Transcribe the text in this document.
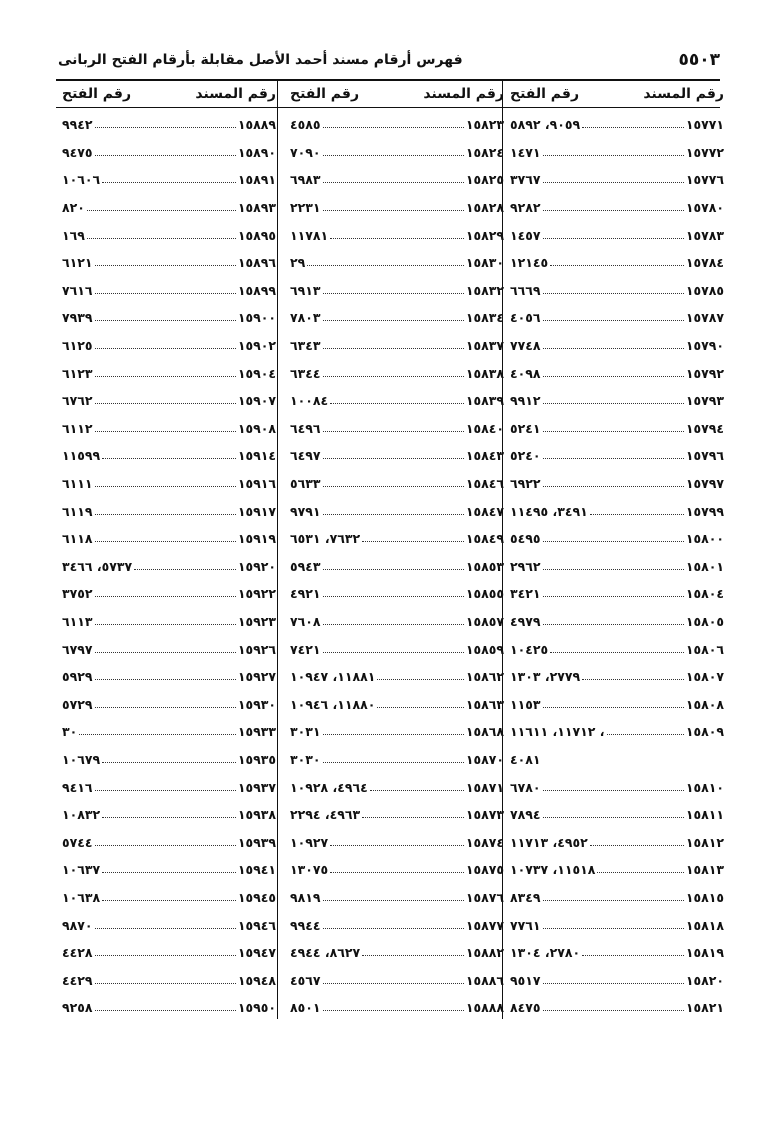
٥٥٠٣
فهرس أرقام مسند أحمد الأصل مقابلة بأرقام الفتح الربانى
رقم المسند
رقم الفتح
١٥٧٧١
٩٠٥٩، ٥٨٩٢
١٥٧٧٢
١٤٧١
١٥٧٧٦
٣٧٦٧
١٥٧٨٠
٩٢٨٢
١٥٧٨٣
١٤٥٧
١٥٧٨٤
١٢١٤٥
١٥٧٨٥
٦٦٦٩
١٥٧٨٧
٤٠٥٦
١٥٧٩٠
٧٧٤٨
١٥٧٩٢
٤٠٩٨
١٥٧٩٣
٩٩١٢
١٥٧٩٤
٥٢٤١
١٥٧٩٦
٥٢٤٠
١٥٧٩٧
٦٩٢٢
١٥٧٩٩
٣٤٩١، ١١٤٩٥
١٥٨٠٠
٥٤٩٥
١٥٨٠١
٢٩٦٢
١٥٨٠٤
٣٤٢١
١٥٨٠٥
٤٩٧٩
١٥٨٠٦
١٠٤٢٥
١٥٨٠٧
٢٧٧٩، ١٣٠٣
١٥٨٠٨
١١٥٣
١٥٨٠٩
، ١١٧١٢، ١١٦١١
٤٠٨١
١٥٨١٠
٦٧٨٠
١٥٨١١
٧٨٩٤
١٥٨١٢
٤٩٥٢، ١١٧١٣
١٥٨١٣
١١٥١٨، ١٠٧٣٧
١٥٨١٥
٨٣٤٩
١٥٨١٨
٧٧٦١
١٥٨١٩
٢٧٨٠، ١٣٠٤
١٥٨٢٠
٩٥١٧
١٥٨٢١
٨٤٧٥
رقم المسند
رقم الفتح
١٥٨٢٣
٤٥٨٥
١٥٨٢٤
٧٠٩٠
١٥٨٢٥
٦٩٨٣
١٥٨٢٨
٢٢٣١
١٥٨٢٩
١١٧٨١
١٥٨٣٠
٢٩
١٥٨٣٢
٦٩١٣
١٥٨٣٤
٧٨٠٣
١٥٨٣٧
٦٣٤٣
١٥٨٣٨
٦٣٤٤
١٥٨٣٩
١٠٠٨٤
١٥٨٤٠
٦٤٩٦
١٥٨٤٣
٦٤٩٧
١٥٨٤٦
٥٦٣٣
١٥٨٤٧
٩٧٩١
١٥٨٤٩
٧٦٣٢، ٦٥٣١
١٥٨٥٣
٥٩٤٣
١٥٨٥٥
٤٩٢١
١٥٨٥٧
٧٦٠٨
١٥٨٥٩
٧٤٢١
١٥٨٦٢
١١٨٨١، ١٠٩٤٧
١٥٨٦٣
١١٨٨٠، ١٠٩٤٦
١٥٨٦٨
٣٠٣١
١٥٨٧٠
٣٠٣٠
١٥٨٧١
٤٩٦٤، ١٠٩٢٨
١٥٨٧٣
٤٩٦٣، ٢٢٩٤
١٥٨٧٤
١٠٩٢٧
١٥٨٧٥
١٣٠٧٥
١٥٨٧٦
٩٨١٩
١٥٨٧٧
٩٩٤٤
١٥٨٨٢
٨٦٢٧، ٤٩٤٤
١٥٨٨٦
٤٥٦٧
١٥٨٨٨
٨٥٠١
رقم المسند
رقم الفتح
١٥٨٨٩
٩٩٤٢
١٥٨٩٠
٩٤٧٥
١٥٨٩١
١٠٦٠٦
١٥٨٩٣
٨٢٠
١٥٨٩٥
١٦٩
١٥٨٩٦
٦١٢١
١٥٨٩٩
٧٦١٦
١٥٩٠٠
٧٩٣٩
١٥٩٠٢
٦١٢٥
١٥٩٠٤
٦١٢٣
١٥٩٠٧
٦٧٦٢
١٥٩٠٨
٦١١٢
١٥٩١٤
١١٥٩٩
١٥٩١٦
٦١١١
١٥٩١٧
٦١١٩
١٥٩١٩
٦١١٨
١٥٩٢٠
٥٧٣٧، ٣٤٦٦
١٥٩٢٢
٣٧٥٢
١٥٩٢٣
٦١١٣
١٥٩٢٦
٦٧٩٧
١٥٩٢٧
٥٩٢٩
١٥٩٣٠
٥٧٢٩
١٥٩٣٣
٣٠
١٥٩٣٥
١٠٦٧٩
١٥٩٣٧
٩٤١٦
١٥٩٣٨
١٠٨٣٢
١٥٩٣٩
٥٧٤٤
١٥٩٤١
١٠٦٣٧
١٥٩٤٥
١٠٦٣٨
١٥٩٤٦
٩٨٧٠
١٥٩٤٧
٤٤٢٨
١٥٩٤٨
٤٤٢٩
١٥٩٥٠
٩٢٥٨
